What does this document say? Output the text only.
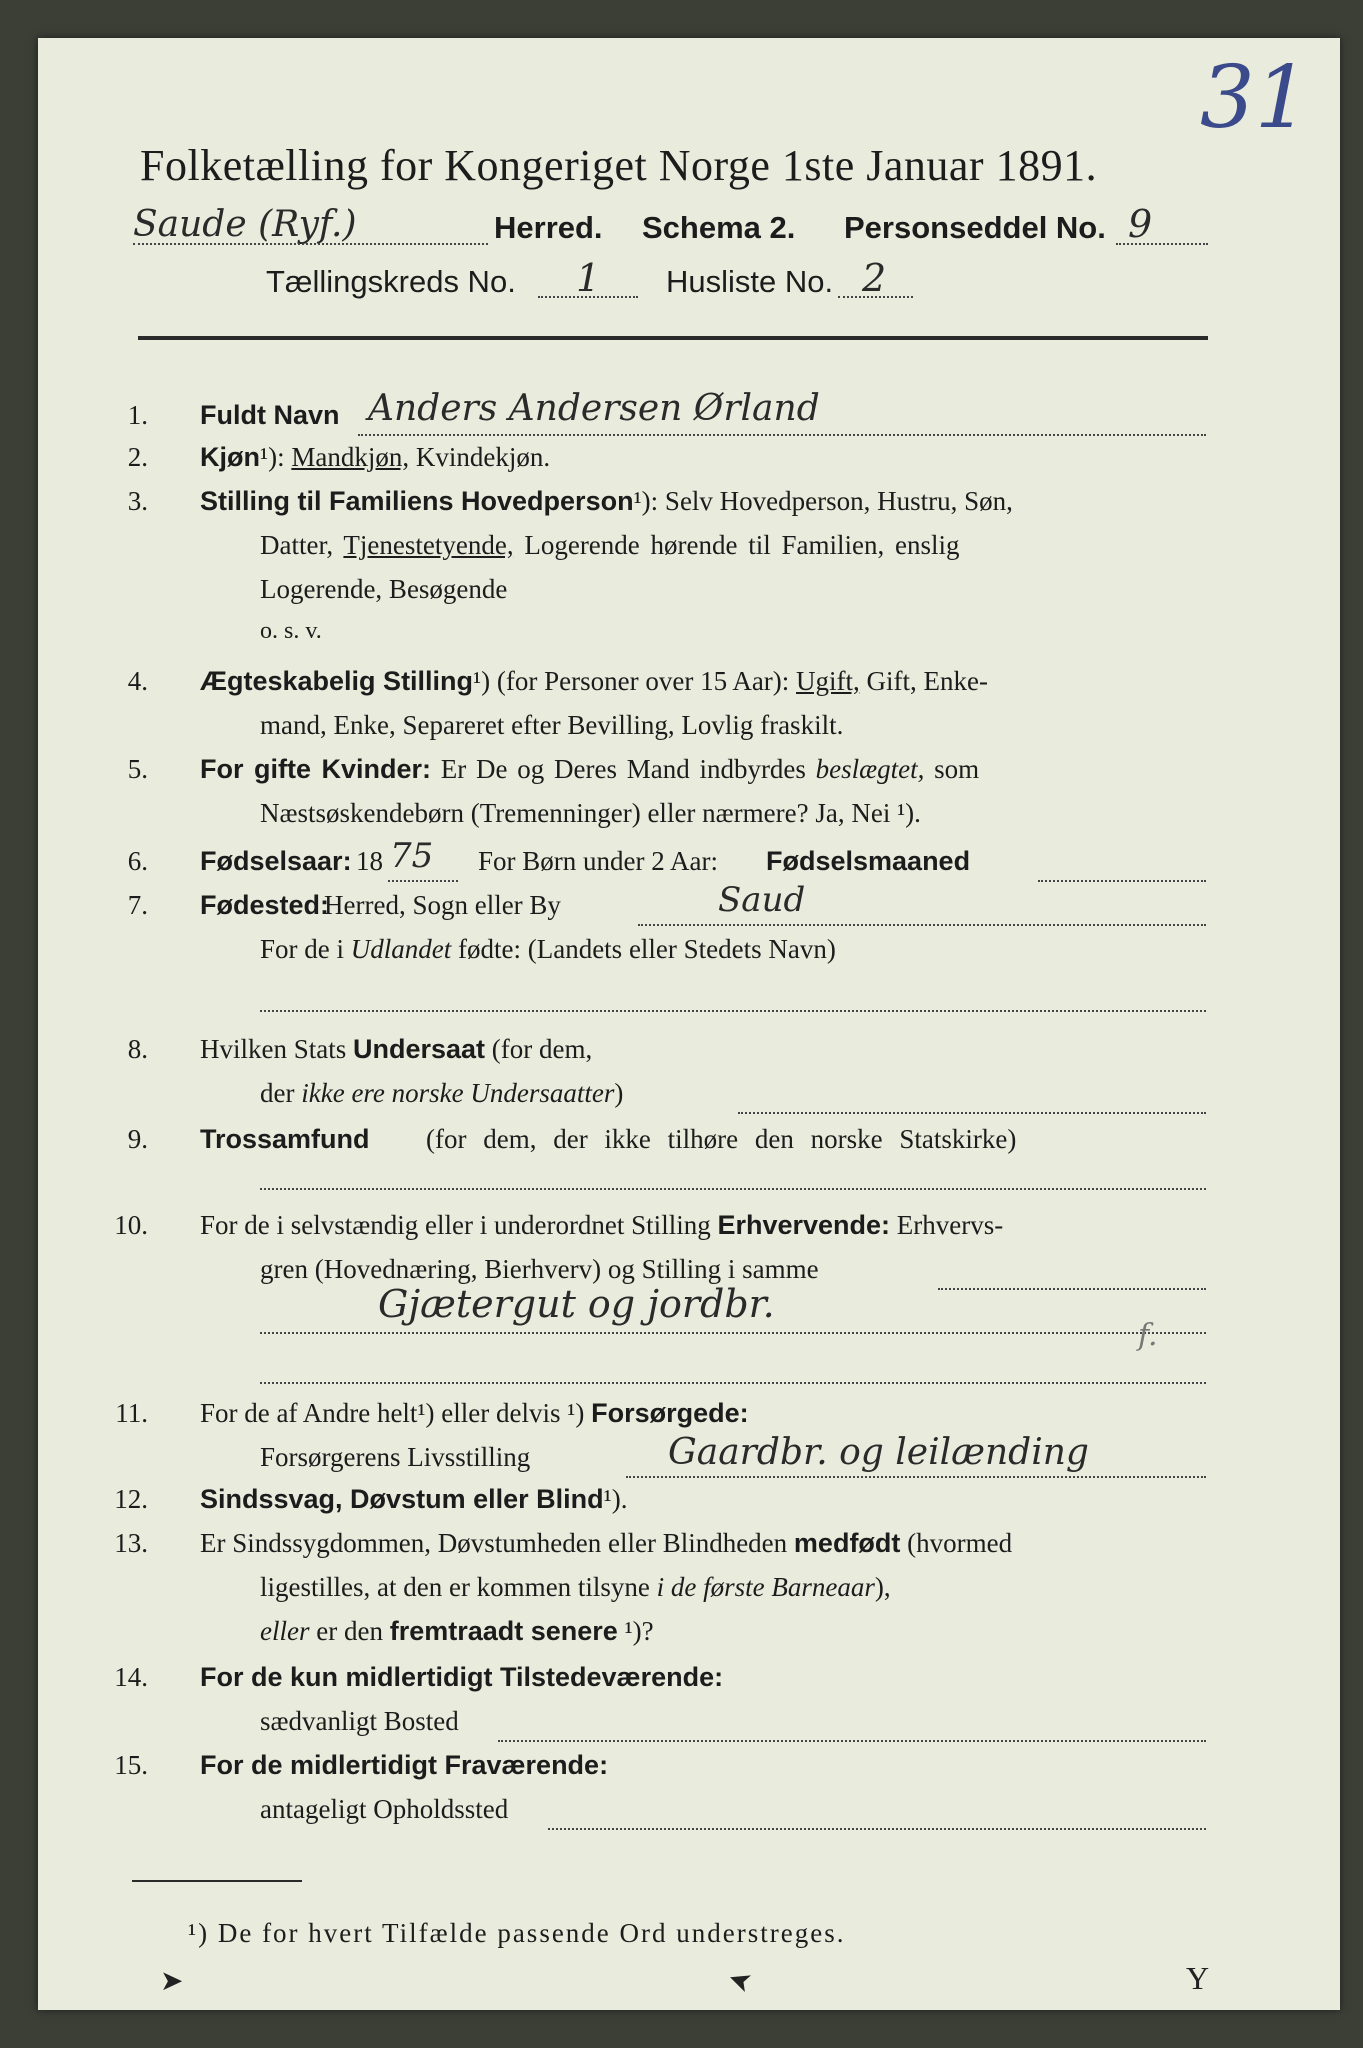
31
Folketælling for Kongeriget Norge 1ste Januar 1891.
Saude (Ryf.)	Herred. Schema 2. Personseddel No. 9
Tællingskreds No. 1 Husliste No. 2
1. Fuldt Navn Anders Andersen Ørland
2. Kjøn¹): Mandkjøn, Kvindekjøn.
3. Stilling til Familiens Hovedperson¹): Selv Hovedperson, Hustru, Søn,
Datter, Tjenestetyende, Logerende hørende til Familien, enslig
Logerende, Besøgende
o. s. v.
4. Ægteskabelig Stilling¹) (for Personer over 15 Aar): Ugift, Gift, Enke-
mand, Enke, Separeret efter Bevilling, Lovlig fraskilt.
5. For gifte Kvinder: Er De og Deres Mand indbyrdes beslægtet, som
Næstsøskendebørn (Tremenninger) eller nærmere? Ja, Nei ¹).
6. Fødselsaar: 18 75 For Børn under 2 Aar: Fødselsmaaned
7. Fødested:
Herred, Sogn eller By	Saud
For de i Udlandet fødte: (Landets eller Stedets Navn)
8. Hvilken Stats Undersaat (for dem,
der ikke ere norske Undersaatter)
9. Trossamfund (for dem, der ikke tilhøre den norske Statskirke)
10. For de i selvstændig eller i underordnet Stilling Erhvervende: Erhvervs-
gren (Hovednæring, Bierhverv) og Stilling i samme
Gjætergut og jordbr.
f.
11. For de af Andre helt¹) eller delvis ¹) Forsørgede:
Forsørgerens Livsstilling	Gaardbr. og leilænding
12. Sindssvag, Døvstum eller Blind¹).
13. Er Sindssygdommen, Døvstumheden eller Blindheden medfødt (hvormed
ligestilles, at den er kommen tilsyne i de første Barneaar),
eller er den fremtraadt senere ¹)?
14. For de kun midlertidigt Tilstedeværende:
sædvanligt Bosted
15. For de midlertidigt Fraværende:
antageligt Opholdssted
¹) De for hvert Tilfælde passende Ord understreges.
➤	➤	Y
